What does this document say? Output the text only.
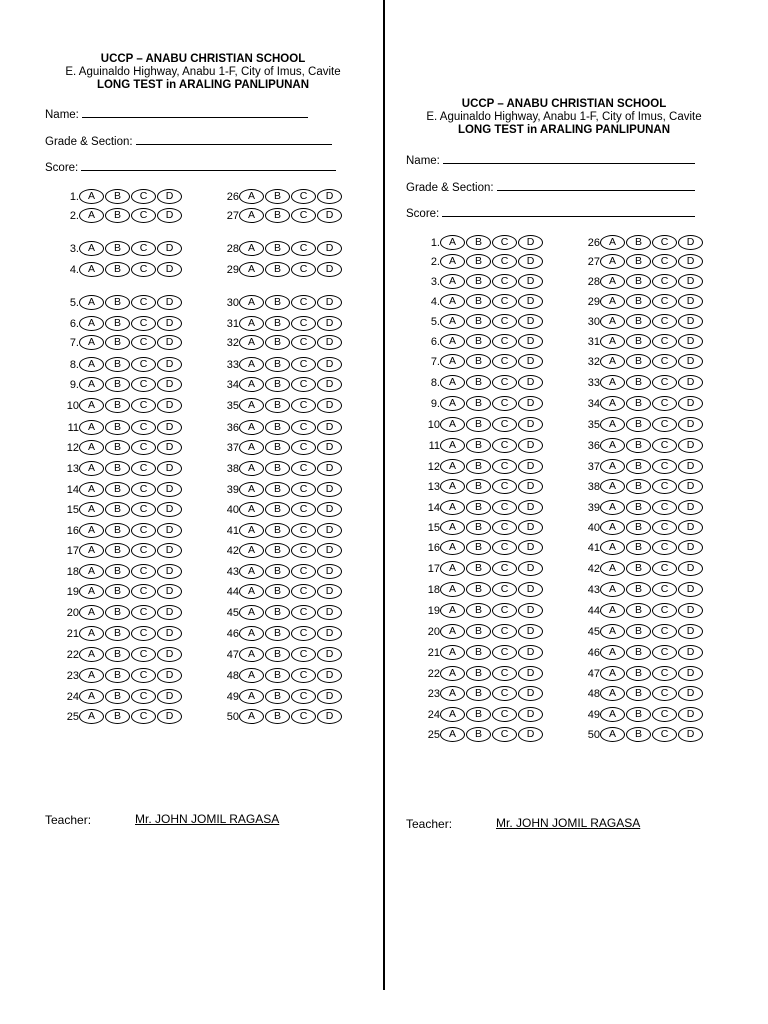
UCCP – ANABU CHRISTIAN SCHOOL
E. Aguinaldo Highway, Anabu 1-F, City of Imus, Cavite
LONG TEST in ARALING PANLIPUNAN
Name:
Grade & Section:
Score:
1. A	B	C	D
2. A	B	C	D
3. A	B	C	D
4. A	B	C	D
5. A	B	C	D
6. A	B	C	D
7. A	B	C	D
8. A	B	C	D
9. A	B	C	D
10 A	B	C	D
11 A	B	C	D
12 A	B	C	D
13 A	B	C	D
14 A	B	C	D
15 A	B	C	D
16 A	B	C	D
17 A	B	C	D
18 A	B	C	D
19 A	B	C	D
20 A	B	C	D
21 A	B	C	D
22 A	B	C	D
23 A	B	C	D
24 A	B	C	D
25 A	B	C	D
26 A	B	C	D
27 A	B	C	D
28 A	B	C	D
29 A	B	C	D
30 A	B	C	D
31 A	B	C	D
32 A	B	C	D
33 A	B	C	D
34 A	B	C	D
35 A	B	C	D
36 A	B	C	D
37 A	B	C	D
38 A	B	C	D
39 A	B	C	D
40 A	B	C	D
41 A	B	C	D
42 A	B	C	D
43 A	B	C	D
44 A	B	C	D
45 A	B	C	D
46 A	B	C	D
47 A	B	C	D
48 A	B	C	D
49 A	B	C	D
50 A	B	C	D
Teacher:	Mr. JOHN JOMIL RAGASA
UCCP – ANABU CHRISTIAN SCHOOL
E. Aguinaldo Highway, Anabu 1-F, City of Imus, Cavite
LONG TEST in ARALING PANLIPUNAN
Name:
Grade & Section:
Score:
1. A	B	C	D
2. A	B	C	D
3. A	B	C	D
4. A	B	C	D
5. A	B	C	D
6. A	B	C	D
7. A	B	C	D
8. A	B	C	D
9. A	B	C	D
10 A	B	C	D
11 A	B	C	D
12 A	B	C	D
13 A	B	C	D
14 A	B	C	D
15 A	B	C	D
16 A	B	C	D
17 A	B	C	D
18 A	B	C	D
19 A	B	C	D
20 A	B	C	D
21 A	B	C	D
22 A	B	C	D
23 A	B	C	D
24 A	B	C	D
25 A	B	C	D
26 A	B	C	D
27 A	B	C	D
28 A	B	C	D
29 A	B	C	D
30 A	B	C	D
31 A	B	C	D
32 A	B	C	D
33 A	B	C	D
34 A	B	C	D
35 A	B	C	D
36 A	B	C	D
37 A	B	C	D
38 A	B	C	D
39 A	B	C	D
40 A	B	C	D
41 A	B	C	D
42 A	B	C	D
43 A	B	C	D
44 A	B	C	D
45 A	B	C	D
46 A	B	C	D
47 A	B	C	D
48 A	B	C	D
49 A	B	C	D
50 A	B	C	D
Teacher:	Mr. JOHN JOMIL RAGASA
